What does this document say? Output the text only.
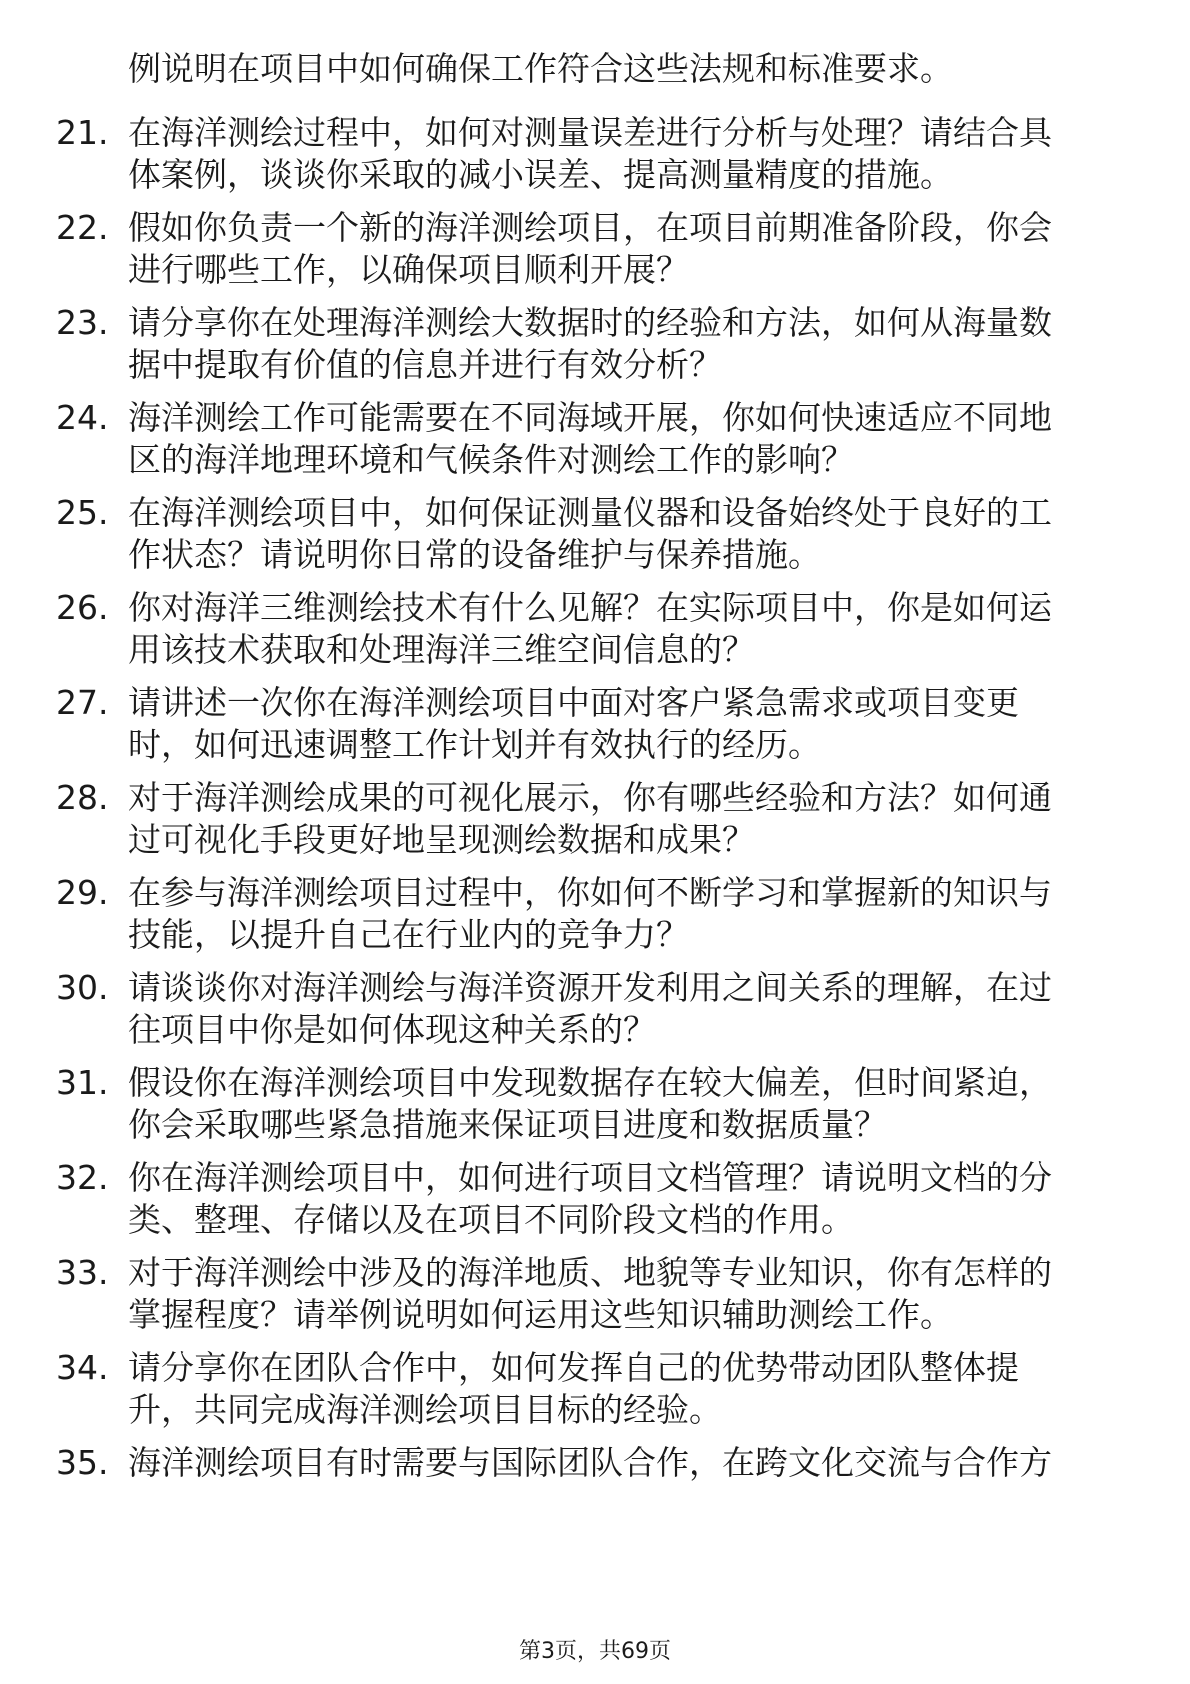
例说明在项目中如何确保工作符合这些法规和标准要求。
21. 在海洋测绘过程中，如何对测量误差进行分析与处理？请结合具
体案例，谈谈你采取的减小误差、提高测量精度的措施。
22. 假如你负责一个新的海洋测绘项目，在项目前期准备阶段，你会
进行哪些工作，以确保项目顺利开展？
23. 请分享你在处理海洋测绘大数据时的经验和方法，如何从海量数
据中提取有价值的信息并进行有效分析？
24. 海洋测绘工作可能需要在不同海域开展，你如何快速适应不同地
区的海洋地理环境和气候条件对测绘工作的影响？
25. 在海洋测绘项目中，如何保证测量仪器和设备始终处于良好的工
作状态？请说明你日常的设备维护与保养措施。
26. 你对海洋三维测绘技术有什么见解？在实际项目中，你是如何运
用该技术获取和处理海洋三维空间信息的？
27. 请讲述一次你在海洋测绘项目中面对客户紧急需求或项目变更
时，如何迅速调整工作计划并有效执行的经历。
28. 对于海洋测绘成果的可视化展示，你有哪些经验和方法？如何通
过可视化手段更好地呈现测绘数据和成果？
29. 在参与海洋测绘项目过程中，你如何不断学习和掌握新的知识与
技能，以提升自己在行业内的竞争力？
30. 请谈谈你对海洋测绘与海洋资源开发利用之间关系的理解，在过
往项目中你是如何体现这种关系的？
31. 假设你在海洋测绘项目中发现数据存在较大偏差，但时间紧迫，
你会采取哪些紧急措施来保证项目进度和数据质量？
32. 你在海洋测绘项目中，如何进行项目文档管理？请说明文档的分
类、整理、存储以及在项目不同阶段文档的作用。
33. 对于海洋测绘中涉及的海洋地质、地貌等专业知识，你有怎样的
掌握程度？请举例说明如何运用这些知识辅助测绘工作。
34. 请分享你在团队合作中，如何发挥自己的优势带动团队整体提
升，共同完成海洋测绘项目目标的经验。
35. 海洋测绘项目有时需要与国际团队合作，在跨文化交流与合作方
第3页，共69页
